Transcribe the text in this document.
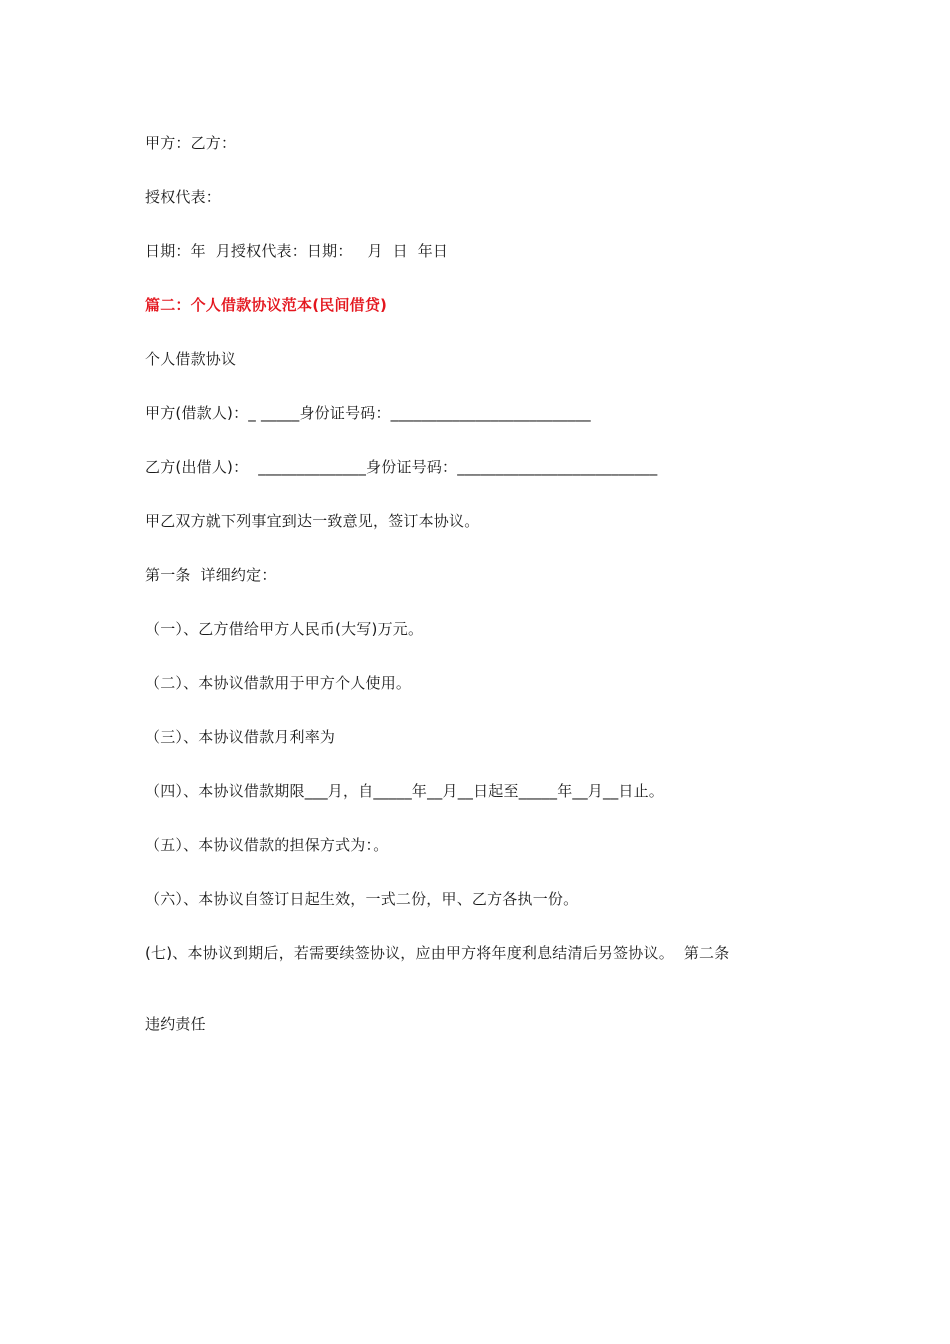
甲方：乙方：
授权代表：
日期：年  月授权代表：日期：   月  日  年日
篇二：个人借款协议范本(民间借贷)
个人借款协议
甲方(借款人)：_ _____身份证号码：__________________________
乙方(出借人)：  ______________身份证号码：__________________________
甲乙双方就下列事宜到达一致意见，签订本协议。
第一条  详细约定：
（一）、乙方借给甲方人民币(大写)万元。
（二）、本协议借款用于甲方个人使用。
（三）、本协议借款月利率为
（四）、本协议借款期限___月，自_____年__月__日起至_____年__月__日止。
（五）、本协议借款的担保方式为：。
（六）、本协议自签订日起生效，一式二份，甲、乙方各执一份。
(七)、本协议到期后，若需要续签协议，应由甲方将年度利息结清后另签协议。  第二条
违约责任
